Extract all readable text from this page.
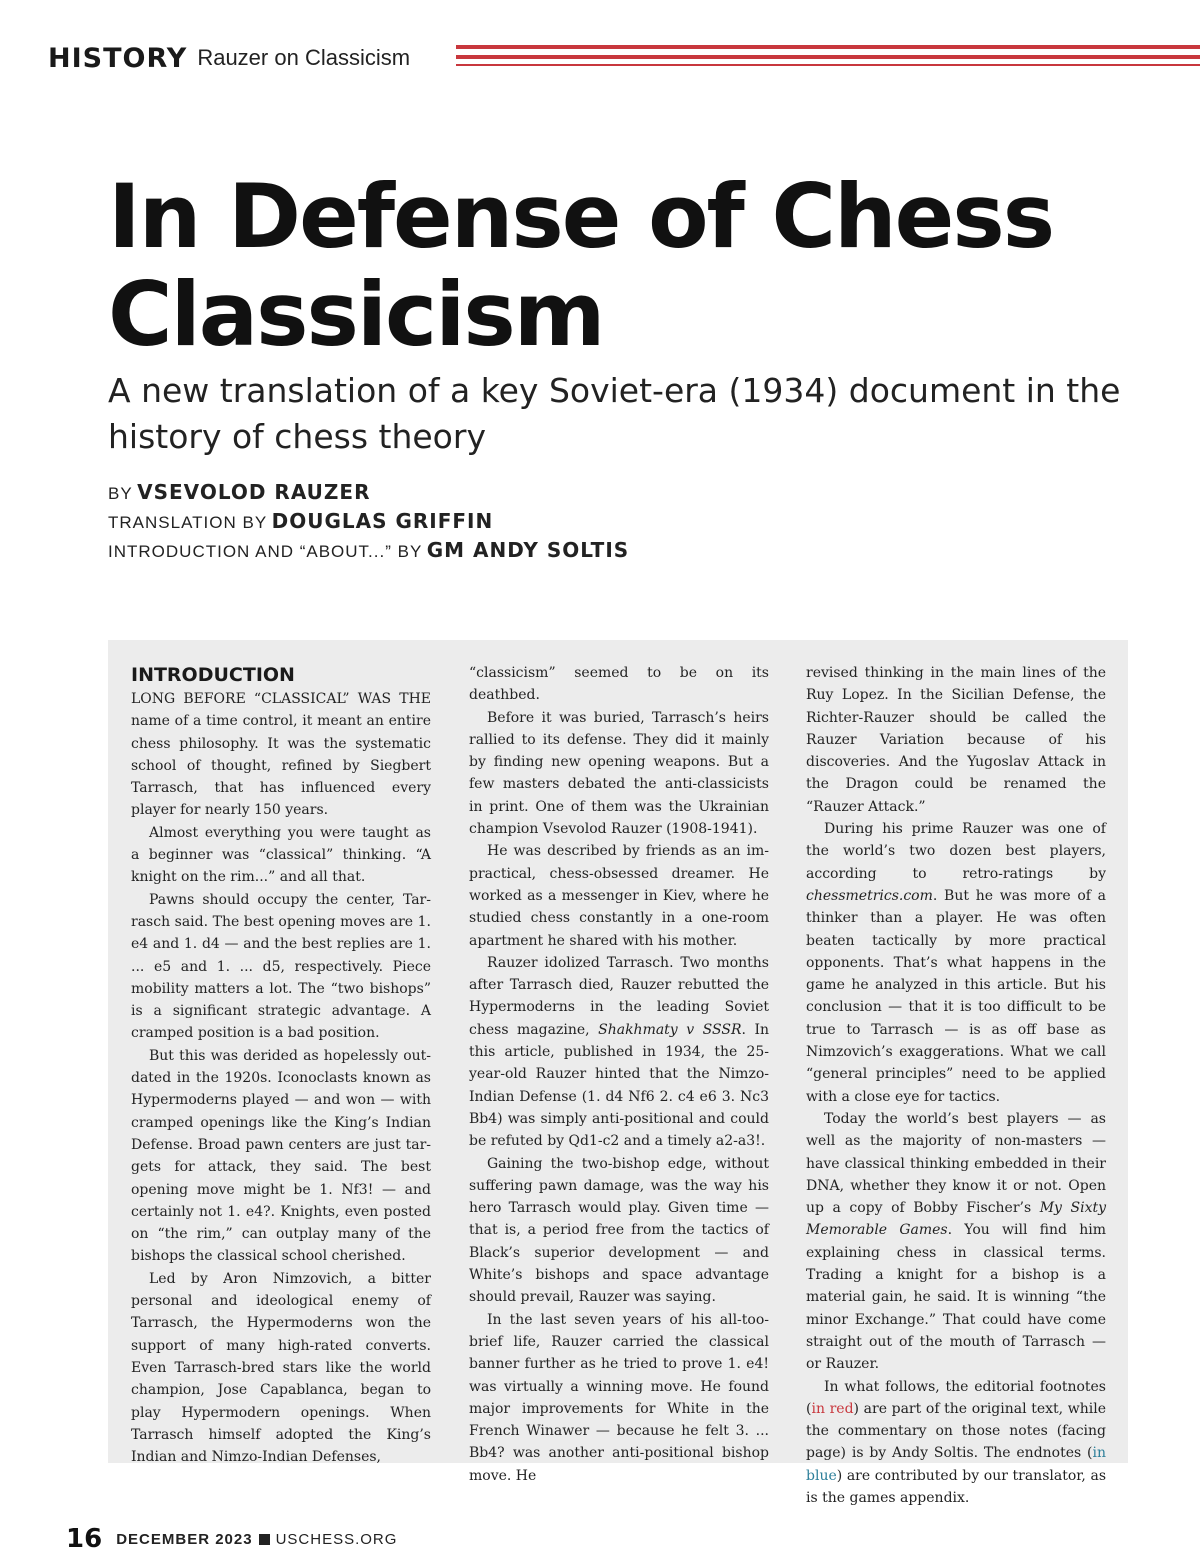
HISTORY Rauzer on Classicism
In Defense of Chess Classicism

A new translation of a key Soviet-era (1934) document in the history of chess theory

BY VSEVOLOD RAUZER
TRANSLATION BY DOUGLAS GRIFFIN
INTRODUCTION AND “ABOUT...” BY GM ANDY SOLTIS
INTRODUCTION

LONG BEFORE “CLASSICAL” WAS THE name of a time control, it meant an entire chess philosophy. It was the systematic school of thought, refined by Siegbert Tarrasch, that has influenced every player for nearly 150 years.

Almost everything you were taught as a beginner was “classical” thinking. “A knight on the rim...” and all that.

Pawns should occupy the center, Tarrasch said. The best opening moves are 1. e4 and 1. d4 — and the best replies are 1. ... e5 and 1. ... d5, respectively. Piece mobility matters a lot. The “two bishops” is a significant strategic advantage. A cramped position is a bad position.

But this was derided as hopelessly outdated in the 1920s. Iconoclasts known as Hypermoderns played — and won — with cramped openings like the King’s Indian Defense. Broad pawn centers are just targets for attack, they said. The best opening move might be 1. Nf3! — and certainly not 1. e4?. Knights, even posted on “the rim,” can outplay many of the bishops the classical school cherished.

Led by Aron Nimzovich, a bitter personal and ideological enemy of Tarrasch, the Hypermoderns won the support of many high-rated converts. Even Tarrasch-bred stars like the world champion, Jose Capablanca, began to play Hypermodern openings. When Tarrasch himself adopted the King’s Indian and Nimzo-Indian Defenses,

“classicism” seemed to be on its deathbed.

Before it was buried, Tarrasch’s heirs rallied to its defense. They did it mainly by finding new opening weapons. But a few masters debated the anti-classicists in print. One of them was the Ukrainian champion Vsevolod Rauzer (1908-1941).

He was described by friends as an impractical, chess-obsessed dreamer. He worked as a messenger in Kiev, where he studied chess constantly in a one-room apartment he shared with his mother.

Rauzer idolized Tarrasch. Two months after Tarrasch died, Rauzer rebutted the Hypermoderns in the leading Soviet chess magazine, Shakhmaty v SSSR. In this article, published in 1934, the 25-year-old Rauzer hinted that the Nimzo-Indian Defense (1. d4 Nf6 2. c4 e6 3. Nc3 Bb4) was simply anti-positional and could be refuted by Qd1-c2 and a timely a2-a3!.

Gaining the two-bishop edge, without suffering pawn damage, was the way his hero Tarrasch would play. Given time — that is, a period free from the tactics of Black’s superior development — and White’s bishops and space advantage should prevail, Rauzer was saying.

In the last seven years of his all-too-brief life, Rauzer carried the classical banner further as he tried to prove 1. e4! was virtually a winning move. He found major improvements for White in the French Winawer — because he felt 3. ... Bb4? was another anti-positional bishop move. He

revised thinking in the main lines of the Ruy Lopez. In the Sicilian Defense, the Richter-Rauzer should be called the Rauzer Variation because of his discoveries. And the Yugoslav Attack in the Dragon could be renamed the “Rauzer Attack.”

During his prime Rauzer was one of the world’s two dozen best players, according to retro-ratings by chessmetrics.com. But he was more of a thinker than a player. He was often beaten tactically by more practical opponents. That’s what happens in the game he analyzed in this article. But his conclusion — that it is too difficult to be true to Tarrasch — is as off base as Nimzovich’s exaggerations. What we call “general principles” need to be applied with a close eye for tactics.

Today the world’s best players — as well as the majority of non-masters — have classical thinking embedded in their DNA, whether they know it or not. Open up a copy of Bobby Fischer’s My Sixty Memorable Games. You will find him explaining chess in classical terms. Trading a knight for a bishop is a material gain, he said. It is winning “the minor Exchange.” That could have come straight out of the mouth of Tarrasch — or Rauzer.

In what follows, the editorial footnotes (in red) are part of the original text, while the commentary on those notes (facing page) is by Andy Soltis. The endnotes (in blue) are contributed by our translator, as is the games appendix.

16 DECEMBER 2023 USCHESS.ORG
